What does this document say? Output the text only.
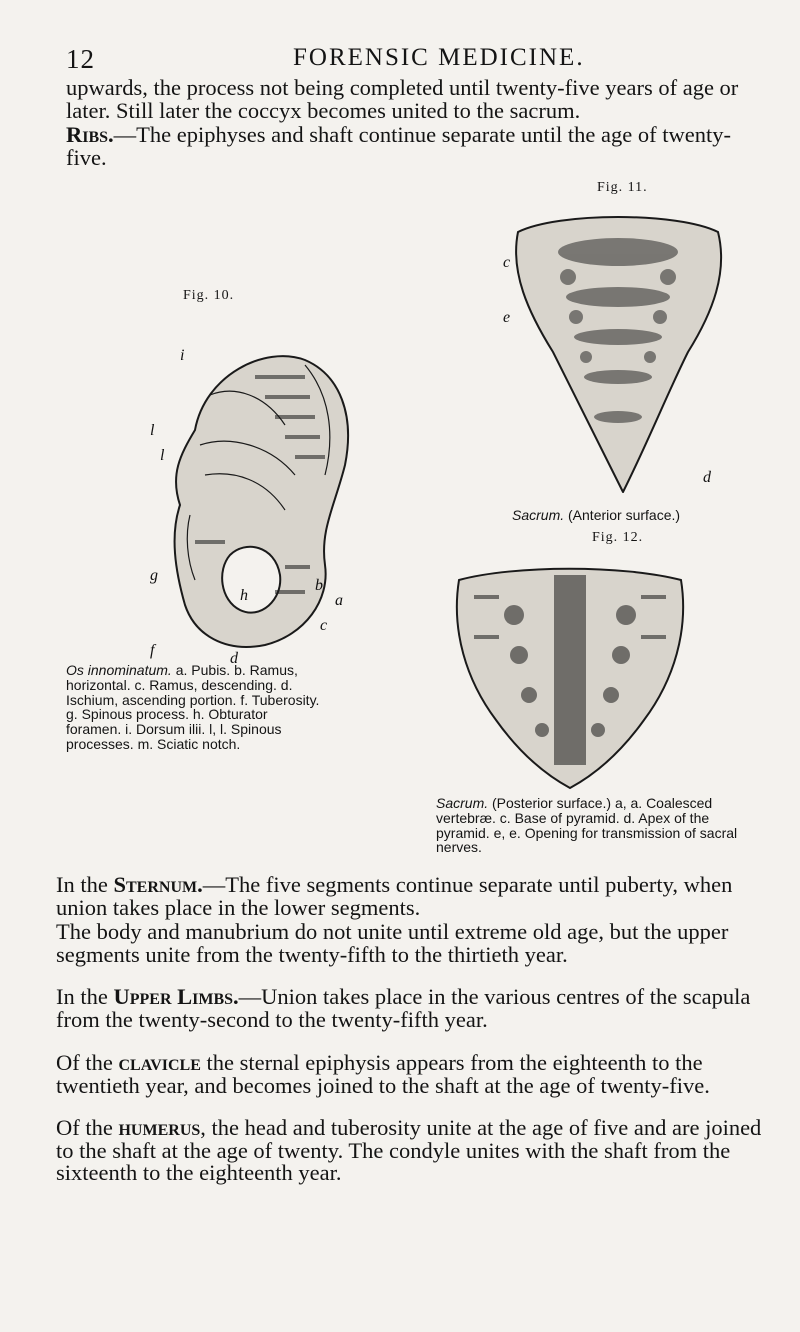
12	FORENSIC MEDICINE.
upwards, the process not being completed until twenty-five years of age or later. Still later the coccyx becomes united to the sacrum.
Ribs.—The epiphyses and shaft continue separate until the age of twenty-five.
Fig. 10.
l
l
i
g
b
a
c
h
f	d
Os innominatum. a. Pubis. b. Ramus, horizontal. c. Ramus, descending. d. Ischium, ascending portion. f. Tuberosity. g. Spinous process. h. Obturator foramen. i. Dorsum ilii. l, l. Spinous processes. m. Sciatic notch.
Fig. 11.
c
e
d
Sacrum. (Anterior surface.)
Fig. 12.
Sacrum. (Posterior surface.) a, a. Coalesced vertebræ. c. Base of pyramid. d. Apex of the pyramid. e, e. Opening for transmission of sacral nerves.
In the Sternum.—The five segments continue separate until puberty, when union takes place in the lower segments.
The body and manubrium do not unite until extreme old age, but the upper segments unite from the twenty-fifth to the thirtieth year.
In the Upper Limbs.—Union takes place in the various centres of the scapula from the twenty-second to the twenty-fifth year.
Of the clavicle the sternal epiphysis appears from the eighteenth to the twentieth year, and becomes joined to the shaft at the age of twenty-five.
Of the humerus, the head and tuberosity unite at the age of five and are joined to the shaft at the age of twenty. The condyle unites with the shaft from the sixteenth to the eighteenth year.
